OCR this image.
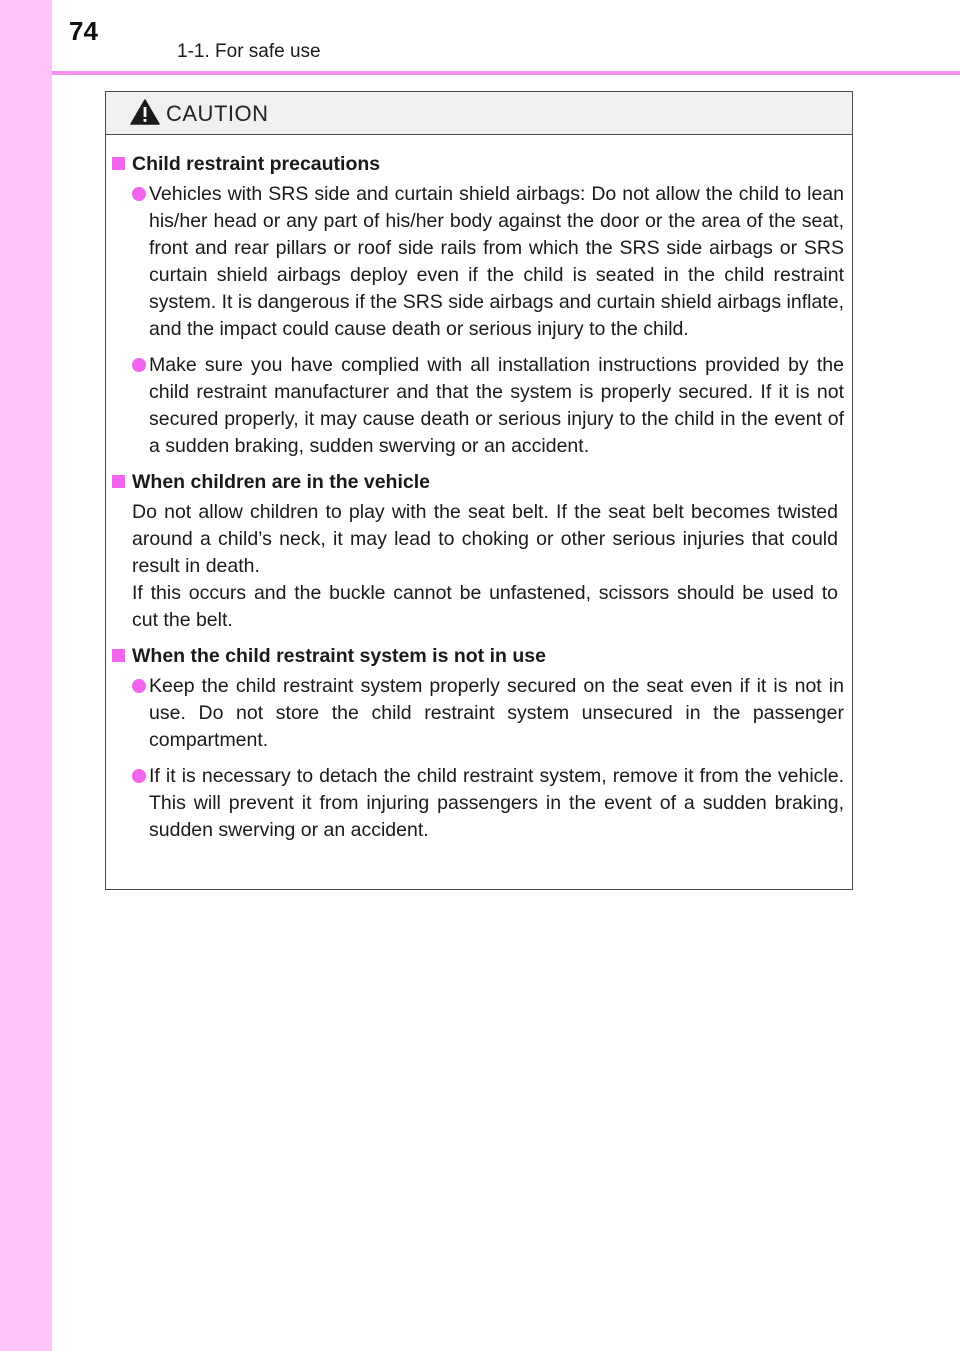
74
1-1. For safe use
CAUTION
Child restraint precautions
Vehicles with SRS side and curtain shield airbags: Do not allow the child to lean his/her head or any part of his/her body against the door or the area of the seat, front and rear pillars or roof side rails from which the SRS side airbags or SRS curtain shield airbags deploy even if the child is seated in the child restraint system. It is dangerous if the SRS side airbags and curtain shield airbags inflate, and the impact could cause death or serious injury to the child.
Make sure you have complied with all installation instructions provided by the child restraint manufacturer and that the system is properly secured. If it is not secured properly, it may cause death or serious injury to the child in the event of a sudden braking, sudden swerving or an accident.
When children are in the vehicle
Do not allow children to play with the seat belt. If the seat belt becomes twisted around a child’s neck, it may lead to choking or other serious injuries that could result in death.
If this occurs and the buckle cannot be unfastened, scissors should be used to cut the belt.
When the child restraint system is not in use
Keep the child restraint system properly secured on the seat even if it is not in use. Do not store the child restraint system unsecured in the passenger compartment.
If it is necessary to detach the child restraint system, remove it from the vehicle. This will prevent it from injuring passengers in the event of a sudden braking, sudden swerving or an accident.
